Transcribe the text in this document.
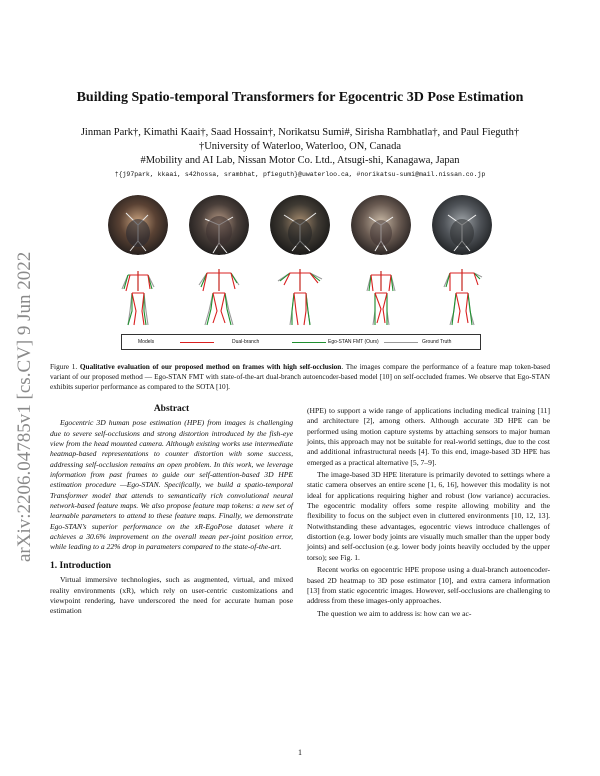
arXiv:2206.04785v1 [cs.CV] 9 Jun 2022
Building Spatio-temporal Transformers for Egocentric 3D Pose Estimation
Jinman Park†, Kimathi Kaai†, Saad Hossain†, Norikatsu Sumi#, Sirisha Rambhatla†, and Paul Fieguth†
†University of Waterloo, Waterloo, ON, Canada
#Mobility and AI Lab, Nissan Motor Co. Ltd., Atsugi-shi, Kanagawa, Japan
†{j97park, kkaai, s42hossa, srambhat, pfieguth}@uwaterloo.ca, #norikatsu-sumi@mail.nissan.co.jp
Models	Dual-branch	Ego-STAN FMT (Ours)	Ground Truth
Figure 1. Qualitative evaluation of our proposed method on frames with high self-occlusion. The images compare the performance of a feature map token-based variant of our proposed method — Ego-STAN FMT with state-of-the-art dual-branch autoencoder-based model [10] on self-occluded frames. We observe that Ego-STAN exhibits superior performance as compared to the SOTA [10].
Abstract

Egocentric 3D human pose estimation (HPE) from images is challenging due to severe self-occlusions and strong distortion introduced by the fish-eye view from the head mounted camera. Although existing works use intermediate heatmap-based representations to counter distortion with some success, addressing self-occlusion remains an open problem. In this work, we leverage information from past frames to guide our self-attention-based 3D HPE estimation procedure —Ego-STAN. Specifically, we build a spatio-temporal Transformer model that attends to semantically rich convolutional neural network-based feature maps. We also propose feature map tokens: a new set of learnable parameters to attend to these feature maps. Finally, we demonstrate Ego-STAN’s superior performance on the xR-EgoPose dataset where it achieves a 30.6% improvement on the overall mean per-joint position error, while leading to a 22% drop in parameters compared to the state-of-the-art.

1. Introduction

Virtual immersive technologies, such as augmented, virtual, and mixed reality environments (xR), which rely on user-centric customizations and viewpoint rendering, have underscored the need for accurate human pose estimation

(HPE) to support a wide range of applications including medical training [11] and architecture [2], among others. Although accurate 3D HPE can be performed using motion capture systems by attaching sensors to major human joints, this approach may not be suitable for real-world settings, due to the cost and additional infrastructural needs [4]. To this end, image-based 3D HPE has emerged as a practical alternative [5, 7–9].

The image-based 3D HPE literature is primarily devoted to settings where a static camera observes an entire scene [1, 6, 16], however this modality is not ideal for applications requiring higher and robust (low variance) accuracies. The egocentric modality offers some respite allowing mobility and the flexibility to focus on the subject even in cluttered environments [10, 12, 13]. Notwithstanding these advantages, egocentric views introduce challenges of distortion (e.g. lower body joints are visually much smaller than the upper body joints) and self-occlusion (e.g. lower body joints heavily occluded by the upper torso); see Fig. 1.

Recent works on egocentric HPE propose using a dual-branch autoencoder-based 2D heatmap to 3D pose estimator [10], and extra camera information [13] from static egocentric images. However, self-occlusions are challenging to address from these images-only approaches.

The question we aim to address is: how can we ac-

1
